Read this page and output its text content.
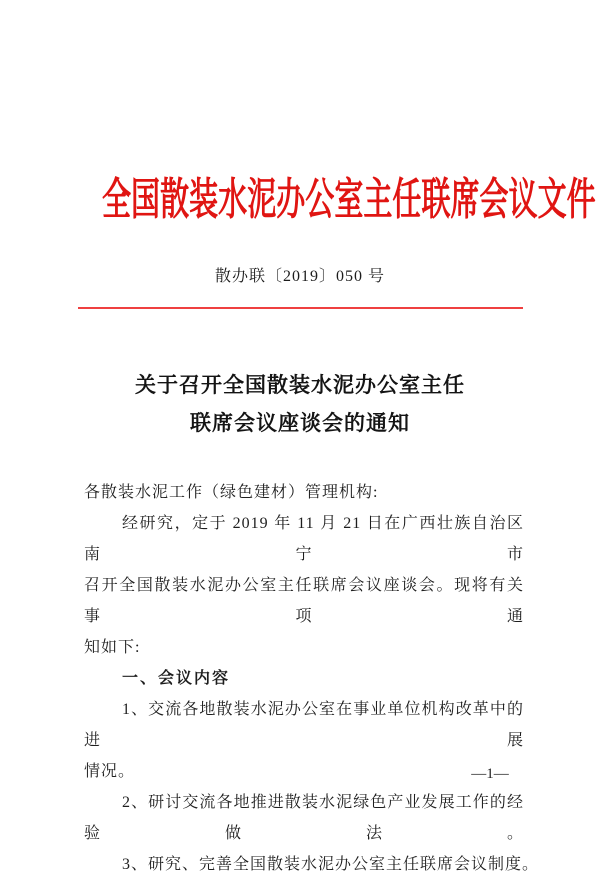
全国散装水泥办公室主任联席会议文件
散办联〔2019〕050 号
关于召开全国散装水泥办公室主任
联席会议座谈会的通知

各散装水泥工作（绿色建材）管理机构:

经研究，定于 2019 年 11 月 21 日在广西壮族自治区南宁市

召开全国散装水泥办公室主任联席会议座谈会。现将有关事项通

知如下:

一、会议内容

1、交流各地散装水泥办公室在事业单位机构改革中的进展

情况。

2、研讨交流各地推进散装水泥绿色产业发展工作的经验做法。

3、研究、完善全国散装水泥办公室主任联席会议制度。

—1—
